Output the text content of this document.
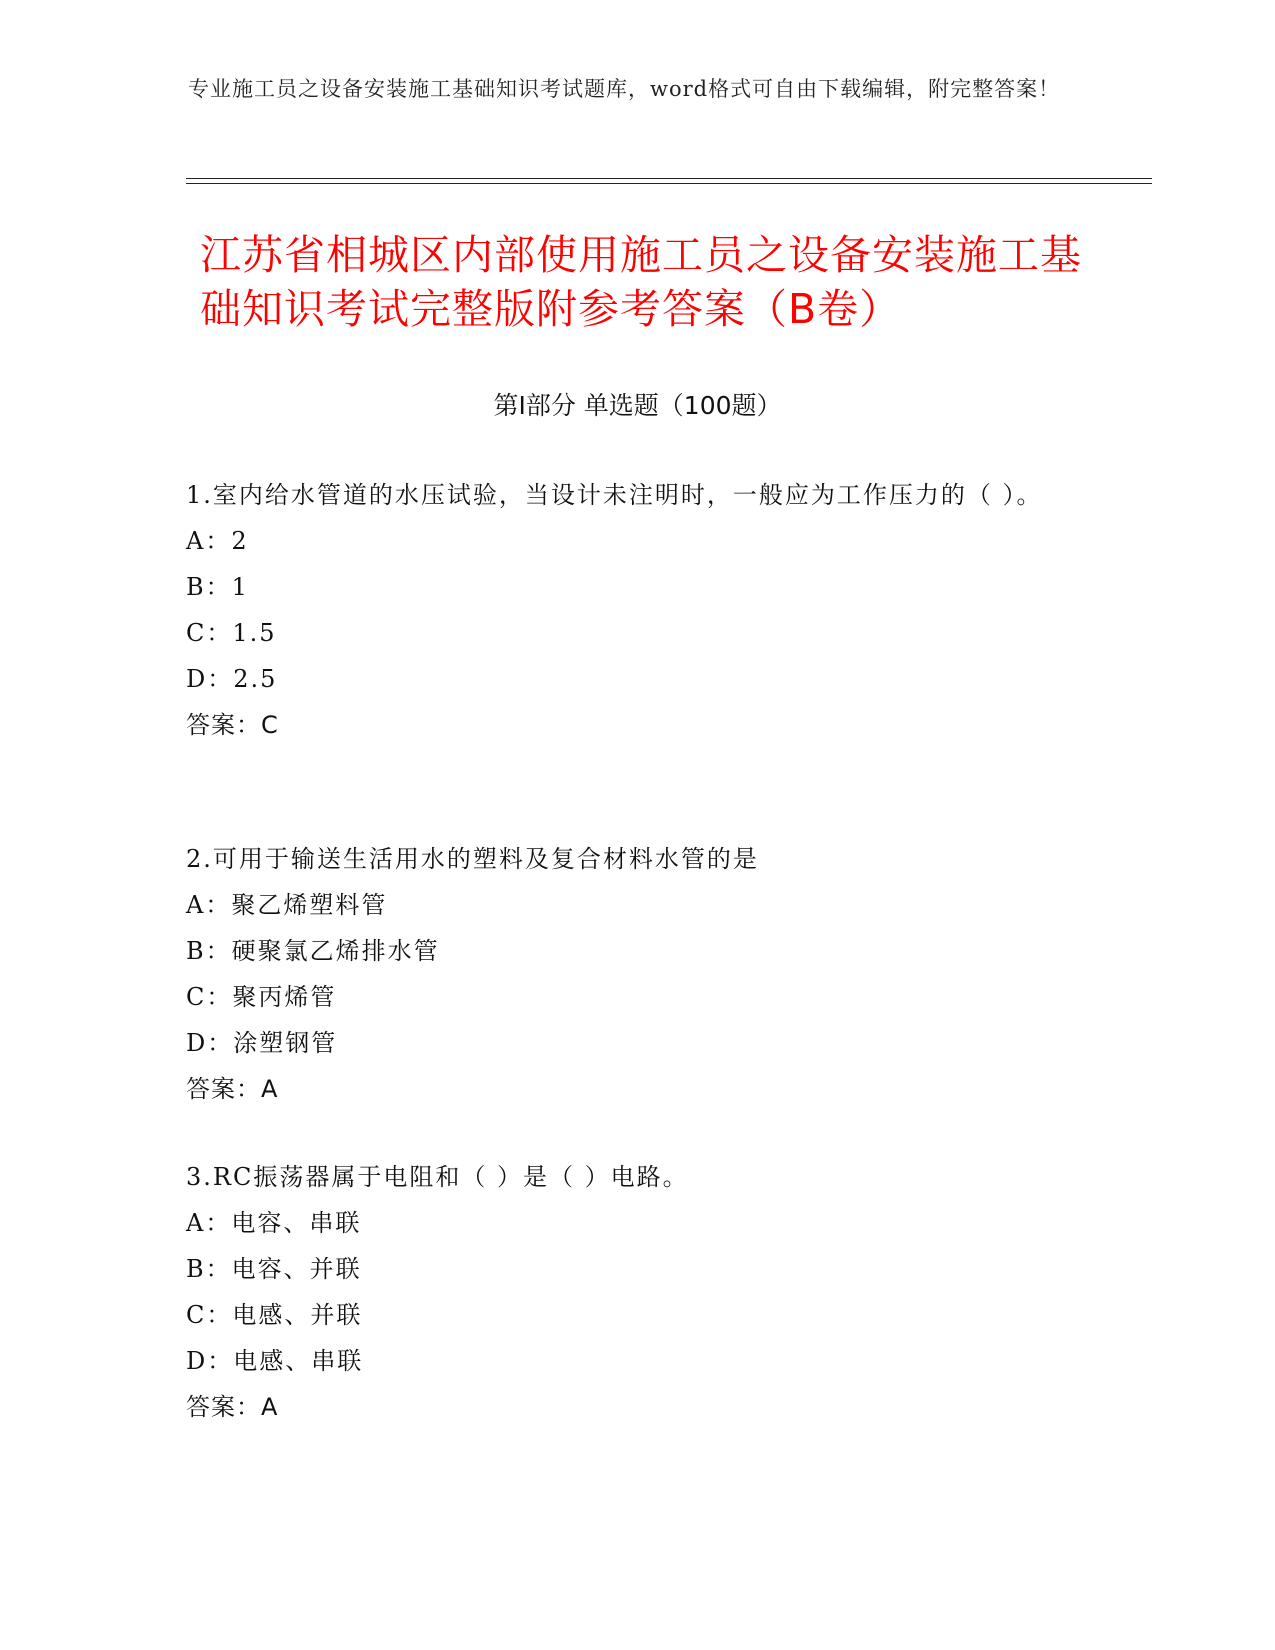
专业施工员之设备安装施工基础知识考试题库，word格式可自由下载编辑，附完整答案！
江苏省相城区内部使用施工员之设备安装施工基础知识考试完整版附参考答案（B卷）
第Ⅰ部分 单选题（100题）
1.室内给水管道的水压试验，当设计未注明时，一般应为工作压力的（ ）。
A：2
B：1
C：1.5
D：2.5
答案：C
2.可用于输送生活用水的塑料及复合材料水管的是
A：聚乙烯塑料管
B：硬聚氯乙烯排水管
C：聚丙烯管
D：涂塑钢管
答案：A
3.RC振荡器属于电阻和（ ）是（ ）电路。
A：电容、串联
B：电容、并联
C：电感、并联
D：电感、串联
答案：A
